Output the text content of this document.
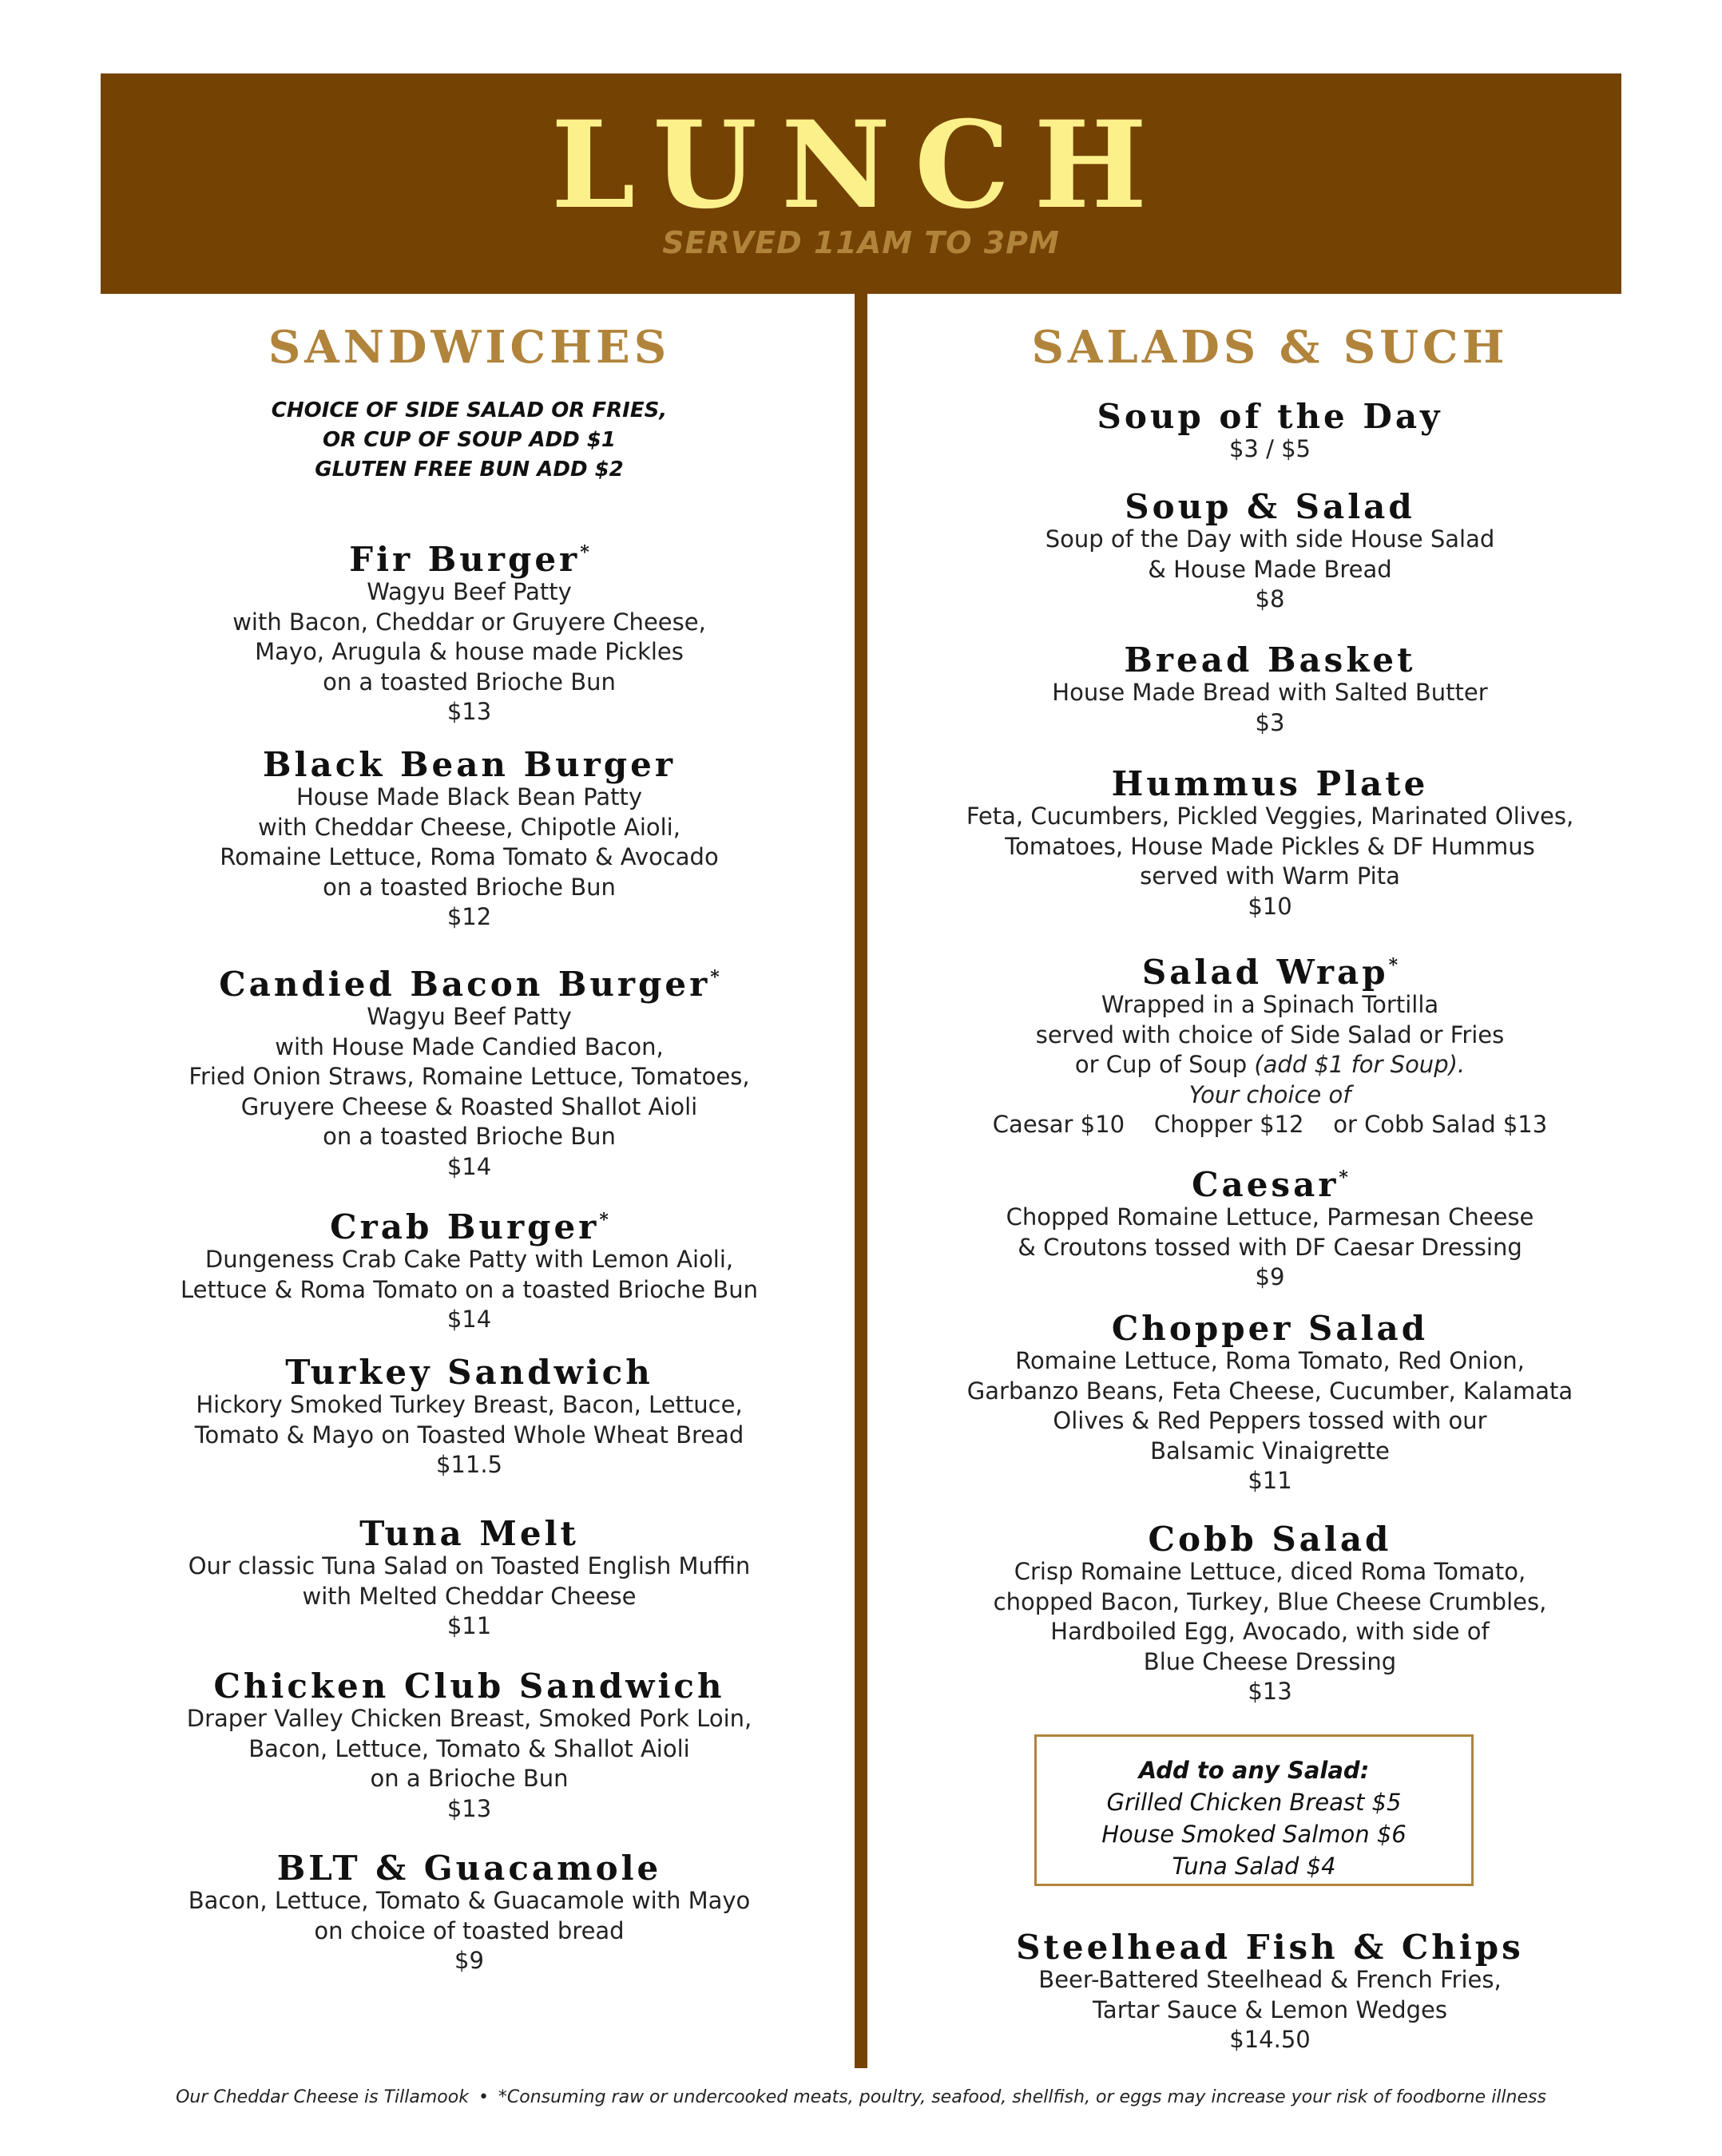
LUNCH
SERVED 11AM TO 3PM
SANDWICHES
CHOICE OF SIDE SALAD OR FRIES,
OR CUP OF SOUP ADD $1
GLUTEN FREE BUN ADD $2
Fir Burger*
Wagyu Beef Patty
with Bacon, Cheddar or Gruyere Cheese,
Mayo, Arugula & house made Pickles
on a toasted Brioche Bun
$13
Black Bean Burger
House Made Black Bean Patty
with Cheddar Cheese, Chipotle Aioli,
Romaine Lettuce, Roma Tomato & Avocado
on a toasted Brioche Bun
$12
Candied Bacon Burger*
Wagyu Beef Patty
with House Made Candied Bacon,
Fried Onion Straws, Romaine Lettuce, Tomatoes,
Gruyere Cheese & Roasted Shallot Aioli
on a toasted Brioche Bun
$14
Crab Burger*
Dungeness Crab Cake Patty with Lemon Aioli,
Lettuce & Roma Tomato on a toasted Brioche Bun
$14
Turkey Sandwich
Hickory Smoked Turkey Breast, Bacon, Lettuce,
Tomato & Mayo on Toasted Whole Wheat Bread
$11.5
Tuna Melt
Our classic Tuna Salad on Toasted English Muffin
with Melted Cheddar Cheese
$11
Chicken Club Sandwich
Draper Valley Chicken Breast, Smoked Pork Loin,
Bacon, Lettuce, Tomato & Shallot Aioli
on a Brioche Bun
$13
BLT & Guacamole
Bacon, Lettuce, Tomato & Guacamole with Mayo
on choice of toasted bread
$9
SALADS & SUCH
Soup of the Day
$3 / $5
Soup & Salad
Soup of the Day with side House Salad
& House Made Bread
$8
Bread Basket
House Made Bread with Salted Butter
$3
Hummus Plate
Feta, Cucumbers, Pickled Veggies, Marinated Olives,
Tomatoes, House Made Pickles & DF Hummus
served with Warm Pita
$10
Salad Wrap*
Wrapped in a Spinach Tortilla
served with choice of Side Salad or Fries
or Cup of Soup (add $1 for Soup).
Your choice of
Caesar $10    Chopper $12    or Cobb Salad $13
Caesar*
Chopped Romaine Lettuce, Parmesan Cheese
& Croutons tossed with DF Caesar Dressing
$9
Chopper Salad
Romaine Lettuce, Roma Tomato, Red Onion,
Garbanzo Beans, Feta Cheese, Cucumber, Kalamata
Olives & Red Peppers tossed with our
Balsamic Vinaigrette
$11
Cobb Salad
Crisp Romaine Lettuce, diced Roma Tomato,
chopped Bacon, Turkey, Blue Cheese Crumbles,
Hardboiled Egg, Avocado, with side of
Blue Cheese Dressing
$13
Steelhead Fish & Chips
Beer-Battered Steelhead & French Fries,
Tartar Sauce & Lemon Wedges
$14.50
Add to any Salad:
Grilled Chicken Breast $5
House Smoked Salmon $6
Tuna Salad $4
Our Cheddar Cheese is Tillamook • *Consuming raw or undercooked meats, poultry, seafood, shellfish, or eggs may increase your risk of foodborne illness
